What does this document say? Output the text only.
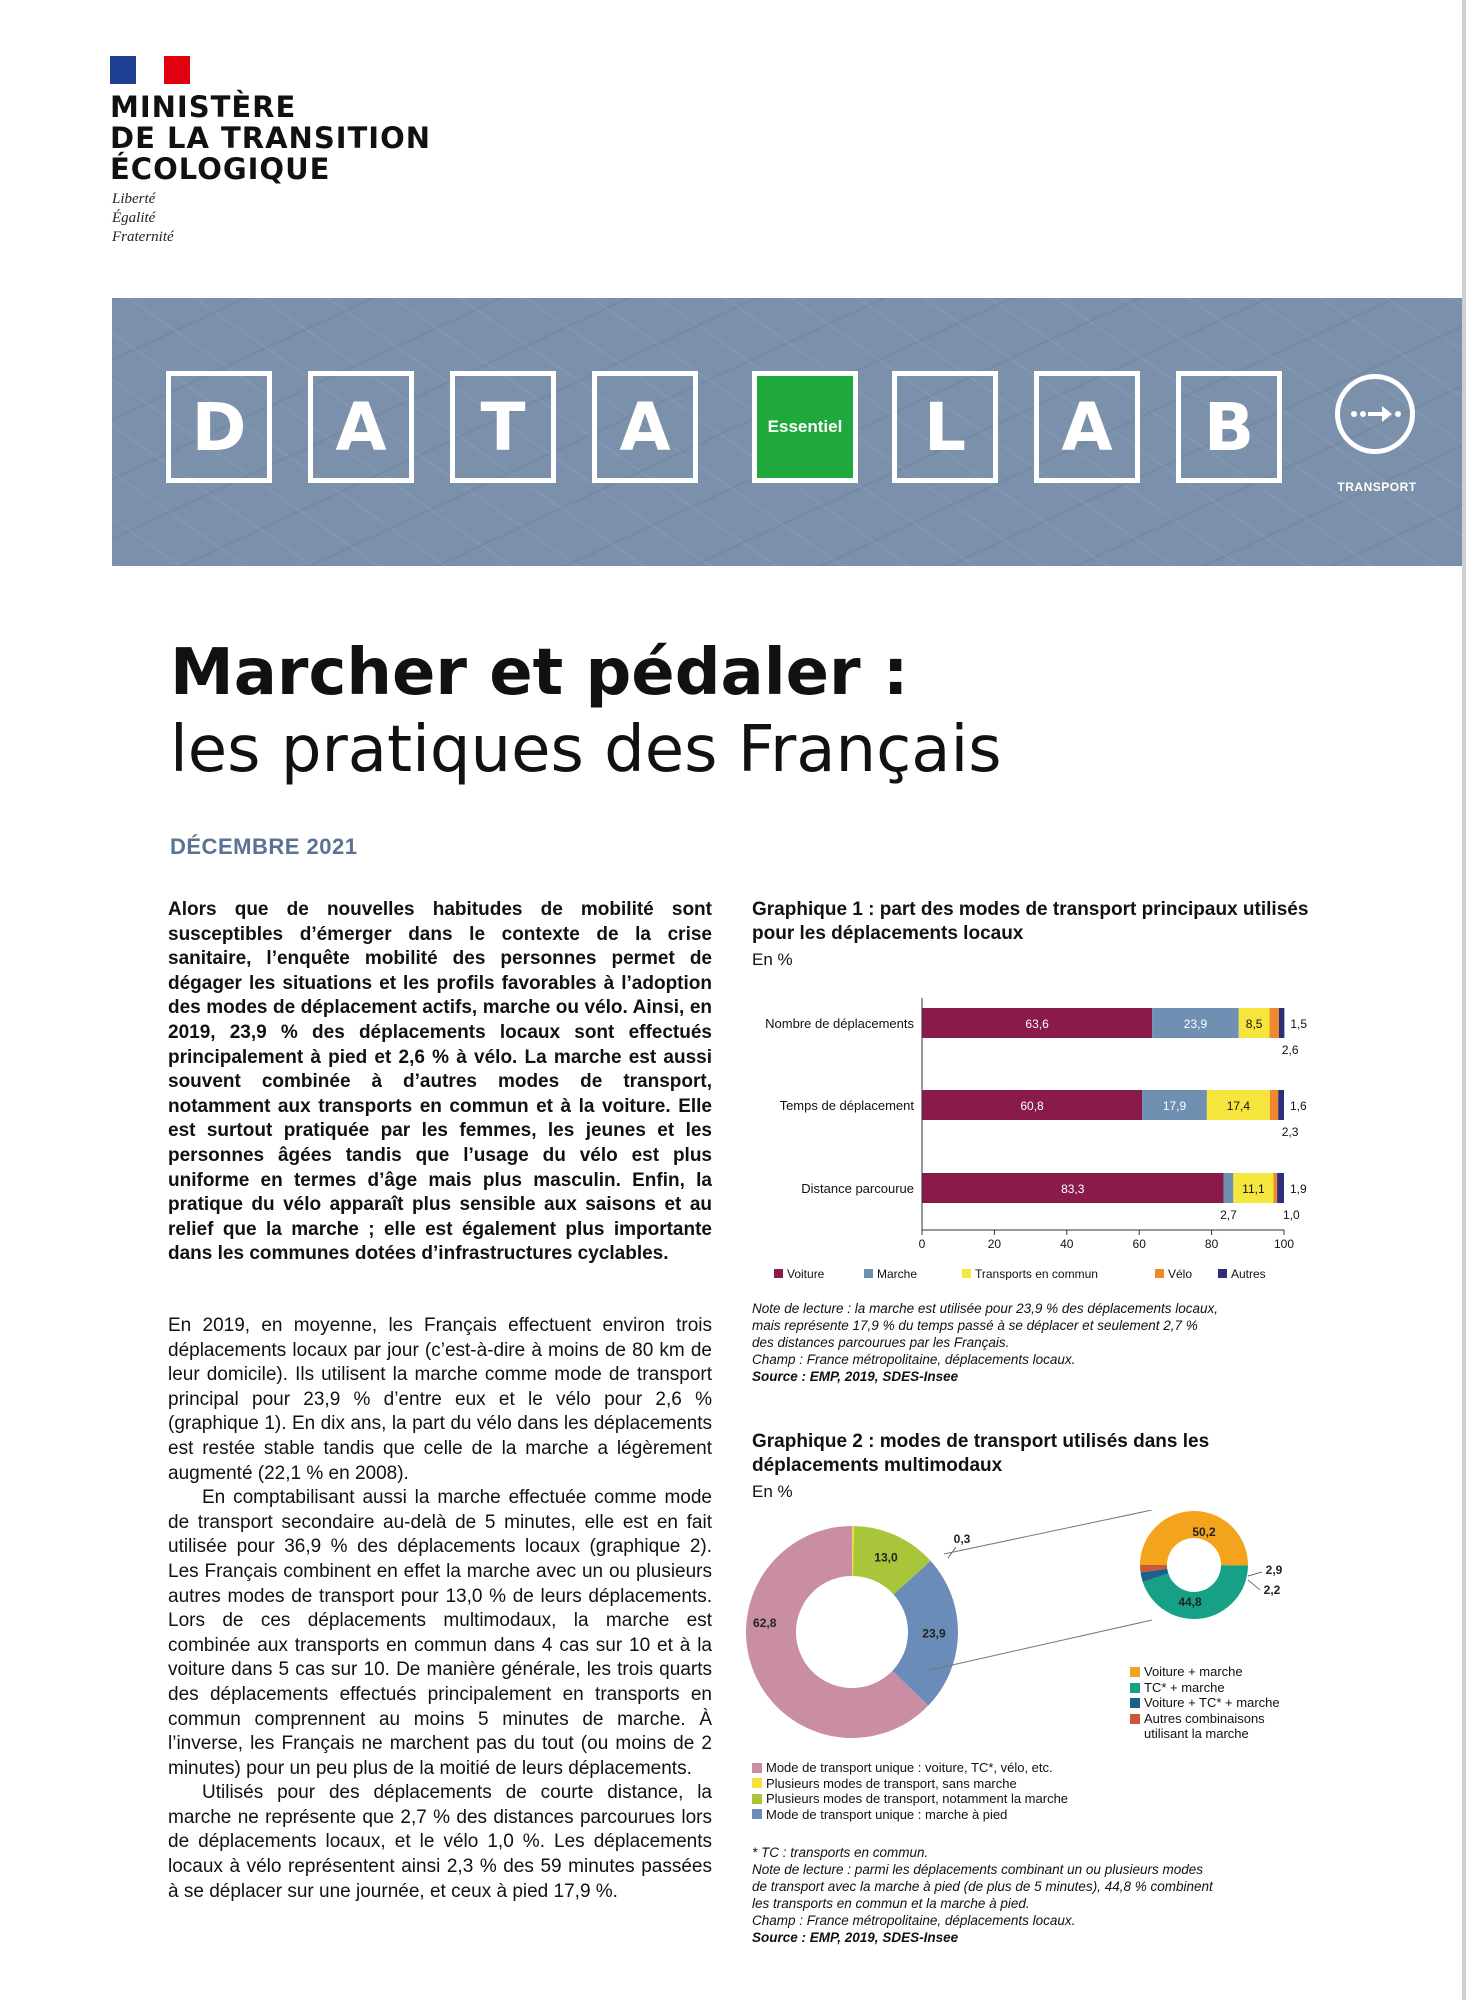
MINISTÈRE
DE LA TRANSITION
ÉCOLOGIQUE
Liberté
Égalité
Fraternité
D	A	T	A	Essentiel	L	A	B
TRANSPORT
Marcher et pédaler :
les pratiques des Français
DÉCEMBRE 2021
Alors que de nouvelles habitudes de mobilité sont susceptibles d’émerger dans le contexte de la crise sanitaire, l’enquête mobilité des personnes permet de dégager les situations et les profils favorables à l’adoption des modes de déplacement actifs, marche ou vélo. Ainsi, en 2019, 23,9 % des déplacements locaux sont effectués principalement à pied et 2,6 % à vélo. La marche est aussi souvent combinée à d’autres modes de transport, notamment aux transports en commun et à la voiture. Elle est surtout pratiquée par les femmes, les jeunes et les personnes âgées tandis que l’usage du vélo est plus uniforme en termes d’âge mais plus masculin. Enfin, la pratique du vélo apparaît plus sensible aux saisons et au relief que la marche ; elle est également plus importante dans les communes dotées d’infrastructures cyclables.

En 2019, en moyenne, les Français effectuent environ trois déplacements locaux par jour (c’est-à-dire à moins de 80 km de leur domicile). Ils utilisent la marche comme mode de transport principal pour 23,9 % d’entre eux et le vélo pour 2,6 % (graphique 1). En dix ans, la part du vélo dans les déplacements est restée stable tandis que celle de la marche a légèrement augmenté (22,1 % en 2008).

En comptabilisant aussi la marche effectuée comme mode de transport secondaire au-delà de 5 minutes, elle est en fait utilisée pour 36,9 % des déplacements locaux (graphique 2). Les Français combinent en effet la marche avec un ou plusieurs autres modes de transport pour 13,0 % de leurs déplacements. Lors de ces déplacements multimodaux, la marche est combinée aux transports en commun dans 4 cas sur 10 et à la voiture dans 5 cas sur 10. De manière générale, les trois quarts des déplacements effectués principalement en transports en commun comprennent au moins 5 minutes de marche. À l’inverse, les Français ne marchent pas du tout (ou moins de 2 minutes) pour un peu plus de la moitié de leurs déplacements.

Utilisés pour des déplacements de courte distance, la marche ne représente que 2,7 % des distances parcourues lors de déplacements locaux, et le vélo 1,0 %. Les déplacements locaux à vélo représentent ainsi 2,3 % des 59 minutes passées à se déplacer sur une journée, et ceux à pied 17,9 %.

Graphique 1 : part des modes de transport principaux utilisés pour les déplacements locaux
En %
Nombre de déplacements	63,6	23,9	8,5
2,6
1,5
Temps de déplacement	60,8	17,9	17,4
2,3
1,6
Distance parcourue	83,3
2,7
11,1
1,0
1,9
0	20	40	60	80	100
Voiture	Marche	Transports en commun	Vélo	Autres
Note de lecture : la marche est utilisée pour 23,9 % des déplacements locaux,
mais représente 17,9 % du temps passé à se déplacer et seulement 2,7 %
des distances parcourues par les Français.
Champ : France métropolitaine, déplacements locaux.
Source : EMP, 2019, SDES-Insee
Graphique 2 : modes de transport utilisés dans les déplacements multimodaux
En %
62,8
13,0
23,9
0,3	50,2
44,8
2,9
2,2
Voiture + marche
TC* + marche
Voiture + TC* + marche
Autres combinaisons utilisant la marche
Mode de transport unique : voiture, TC*, vélo, etc.
Plusieurs modes de transport, sans marche
Plusieurs modes de transport, notamment la marche
Mode de transport unique : marche à pied
* TC : transports en commun.
Note de lecture : parmi les déplacements combinant un ou plusieurs modes
de transport avec la marche à pied (de plus de 5 minutes), 44,8 % combinent
les transports en commun et la marche à pied.
Champ : France métropolitaine, déplacements locaux.
Source : EMP, 2019, SDES-Insee
